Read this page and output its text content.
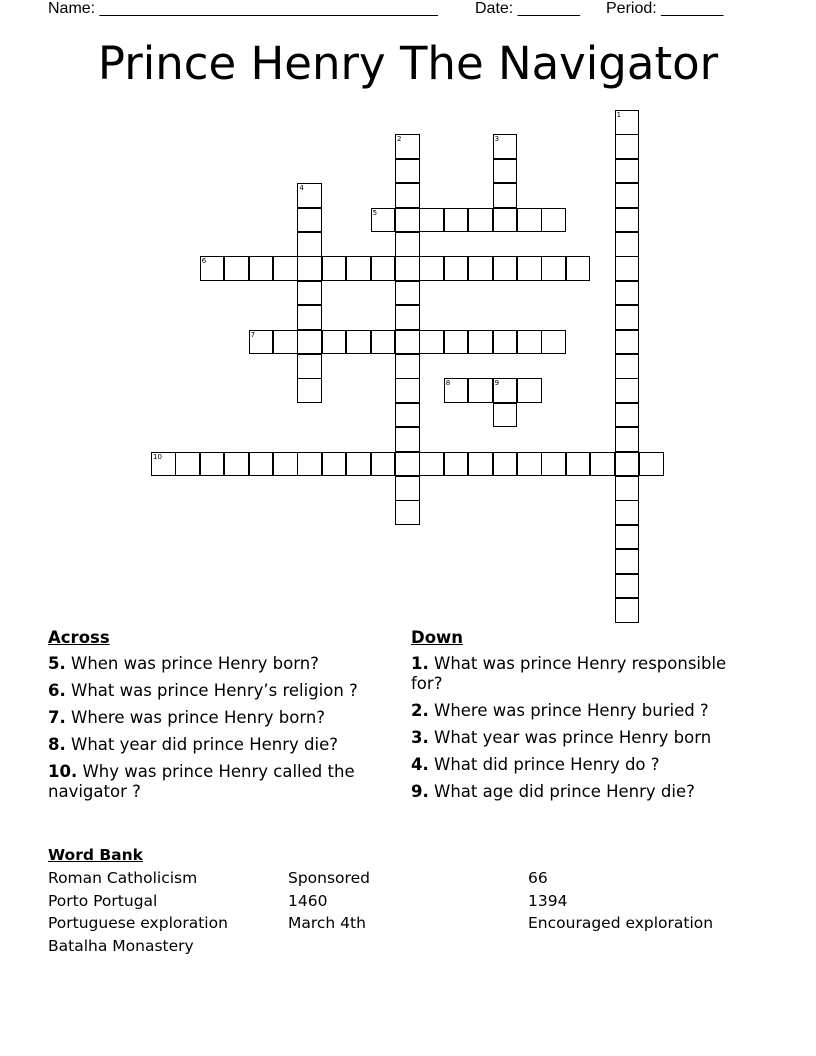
Name: ______________________________________ Date: _______ Period: _______
Prince Henry The Navigator
1
2	3
4
5
6
7
8	9
10
Across
5. When was prince Henry born?
6. What was prince Henry’s religion ?
7. Where was prince Henry born?
8. What year did prince Henry die?
10. Why was prince Henry called the navigator ?
Down
1. What was prince Henry responsible for?
2. Where was prince Henry buried ?
3. What year was prince Henry born
4. What did prince Henry do ?
9. What age did prince Henry die?
Word Bank
Roman Catholicism
Porto Portugal
Portuguese exploration
Batalha Monastery
Sponsored
1460
March 4th
66
1394
Encouraged exploration
